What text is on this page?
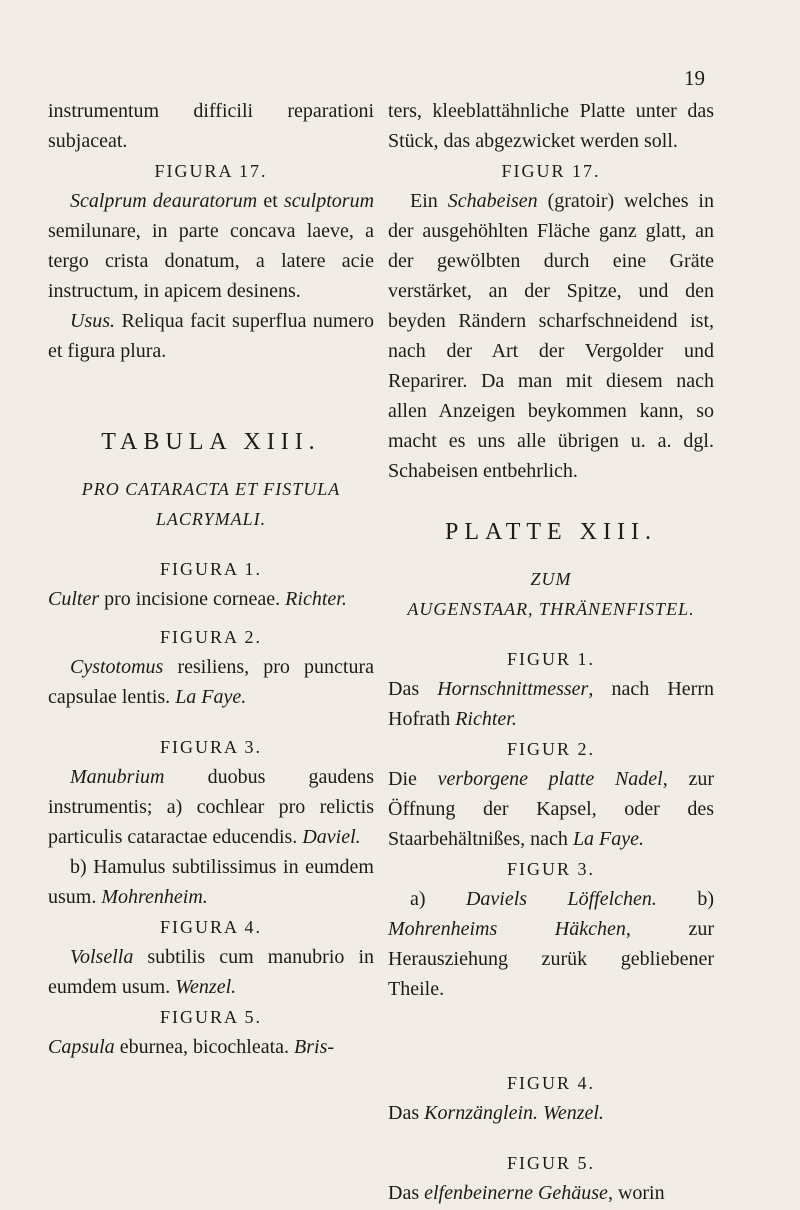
19

instrumentum difficili reparationi subjaceat.

FIGURA 17.

Scalprum deauratorum et sculptorum semilunare, in parte concava laeve, a tergo crista donatum, a latere acie instructum, in apicem desinens.

Usus. Reliqua facit superflua numero et figura plura.

TABULA XIII.
PRO CATARACTA ET FISTULA
LACRYMALI.
FIGURA 1.

Culter pro incisione corneae. Richter.

FIGURA 2.

Cystotomus resiliens, pro punctura capsulae lentis. La Faye.

FIGURA 3.

Manubrium duobus gaudens instrumentis; a) cochlear pro relictis particulis cataractae educendis. Daviel.

b) Hamulus subtilissimus in eumdem usum. Mohrenheim.

FIGURA 4.

Volsella subtilis cum manubrio in eumdem usum. Wenzel.

FIGURA 5.

Capsula eburnea, bicochleata. Bris-

ters, kleeblattähnliche Platte unter das Stück, das abgezwicket werden soll.

FIGUR 17.

Ein Schabeisen (gratoir) welches in der ausgehöhlten Fläche ganz glatt, an der gewölbten durch eine Gräte verstärket, an der Spitze, und den beyden Rändern scharfschneidend ist, nach der Art der Vergolder und Reparirer. Da man mit diesem nach allen Anzeigen beykommen kann, so macht es uns alle übrigen u. a. dgl. Schabeisen entbehrlich.

PLATTE XIII.
ZUM
AUGENSTAAR, THRÄNENFISTEL.
FIGUR 1.

Das Hornschnittmesser, nach Herrn Hofrath Richter.

FIGUR 2.

Die verborgene platte Nadel, zur Öffnung der Kapsel, oder des Staarbehältnißes, nach La Faye.

FIGUR 3.

a) Daviels Löffelchen. b) Mohrenheims Häkchen, zur Herausziehung zurük gebliebener Theile.

FIGUR 4.

Das Kornzänglein. Wenzel.

FIGUR 5.

Das elfenbeinerne Gehäuse, worin
